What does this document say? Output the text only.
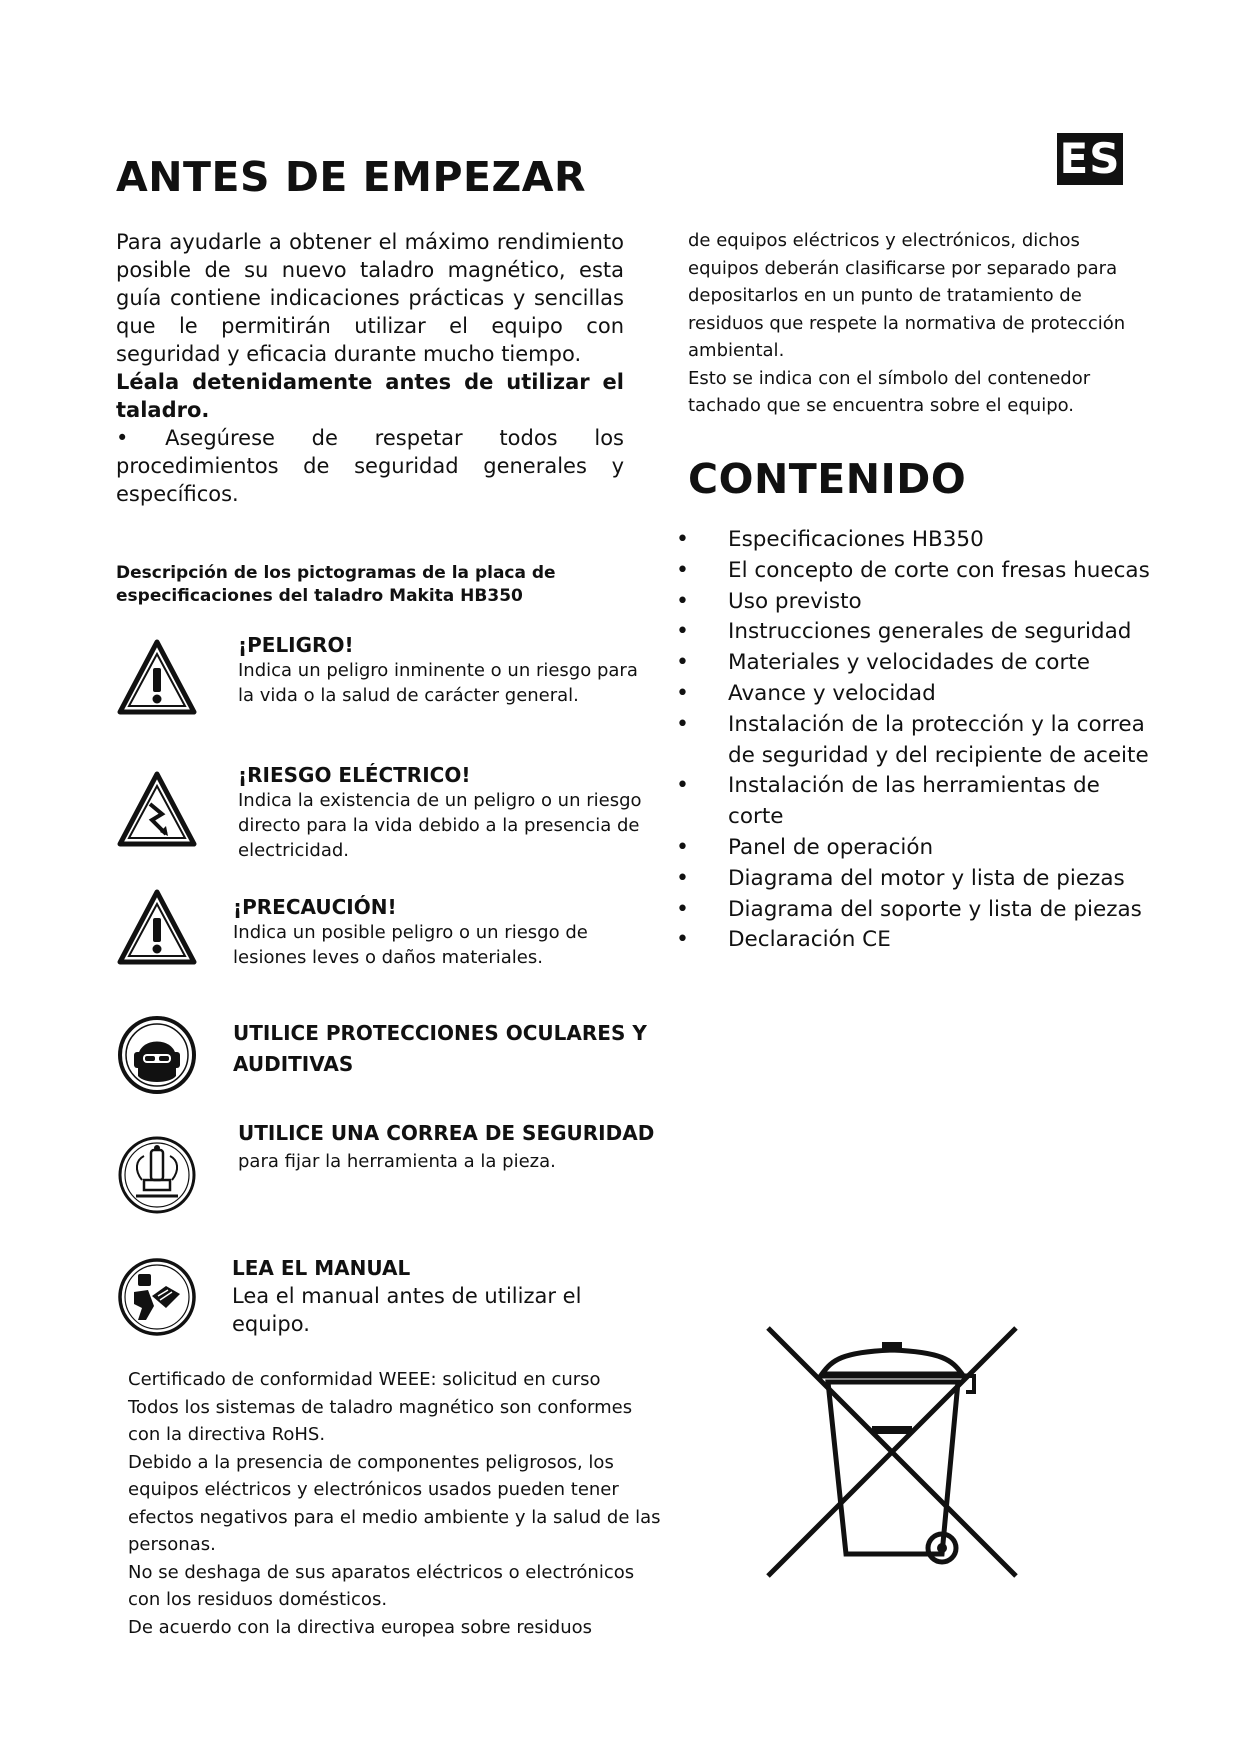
ES
ANTES DE EMPEZAR

Para ayudarle a obtener el máximo rendimiento posible de su nuevo taladro magnético, esta guía contiene indicaciones prácticas y sencillas que le permitirán utilizar el equipo con seguridad y eficacia durante mucho tiempo.

Léala detenidamente antes de utilizar el taladro.

• Asegúrese de respetar todos los procedimientos de seguridad generales y específicos.

Descripción de los pictogramas de la placa de
especificaciones del taladro Makita HB350
¡PELIGRO!
Indica un peligro inminente o un riesgo para la vida o la salud de carácter general.
¡RIESGO ELÉCTRICO!
Indica la existencia de un peligro o un riesgo directo para la vida debido a la presencia de electricidad.
¡PRECAUCIÓN!
Indica un posible peligro o un riesgo de lesiones leves o daños materiales.
UTILICE PROTECCIONES OCULARES Y AUDITIVAS
UTILICE UNA CORREA DE SEGURIDAD
para fijar la herramienta a la pieza.
LEA EL MANUAL
Lea el manual antes de utilizar el equipo.
Certificado de conformidad WEEE: solicitud en curso
Todos los sistemas de taladro magnético son conformes
con la directiva RoHS.
Debido a la presencia de componentes peligrosos, los
equipos eléctricos y electrónicos usados pueden tener
efectos negativos para el medio ambiente y la salud de las
personas.
No se deshaga de sus aparatos eléctricos o electrónicos
con los residuos domésticos.
De acuerdo con la directiva europea sobre residuos
de equipos eléctricos y electrónicos, dichos
equipos deberán clasificarse por separado para
depositarlos en un punto de tratamiento de
residuos que respete la normativa de protección
ambiental.
Esto se indica con el símbolo del contenedor
tachado que se encuentra sobre el equipo.
CONTENIDO
• Especificaciones HB350
• El concepto de corte con fresas huecas
• Uso previsto
• Instrucciones generales de seguridad
• Materiales y velocidades de corte
• Avance y velocidad
• Instalación de la protección y la correa de seguridad y del recipiente de aceite
• Instalación de las herramientas de corte
• Panel de operación
• Diagrama del motor y lista de piezas
• Diagrama del soporte y lista de piezas
• Declaración CE
